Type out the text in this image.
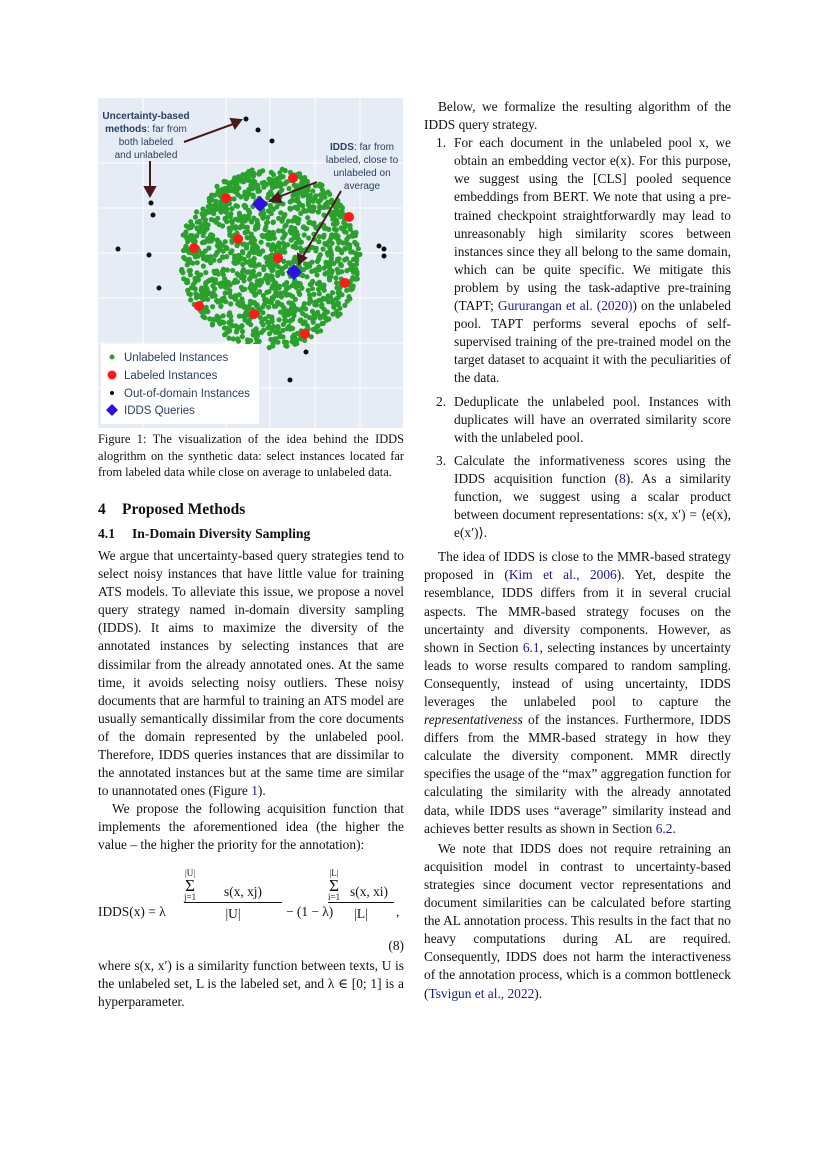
Uncertainty-based
methods: far from
both labeled
and unlabeled
IDDS: far from
labeled, close to
unlabeled on
average
Unlabeled Instances
Labeled Instances
Out-of-domain Instances
IDDS Queries

Figure 1: The visualization of the idea behind the IDDS alogrithm on the synthetic data: select instances located far from labeled data while close on average to unlabeled data.

4 Proposed Methods
4.1 In-Domain Diversity Sampling

We argue that uncertainty-based query strategies tend to select noisy instances that have little value for training ATS models. To alleviate this issue, we propose a novel query strategy named in-domain diversity sampling (IDDS). It aims to maximize the diversity of the annotated instances by selecting instances that are dissimilar from the already annotated ones. At the same time, it avoids selecting noisy outliers. These noisy documents that are harmful to training an ATS model are usually semantically dissimilar from the core documents of the domain represented by the unlabeled pool. Therefore, IDDS queries instances that are dissimilar to the annotated instances but at the same time are similar to unannotated ones (Figure 1).

We propose the following acquisition function that implements the aforementioned idea (the higher the value – the higher the priority for the annotation):

IDDS(x) = λ
|U|
Σ
j=1
$\frac{s(x, xj)}{|U|} - (1 - \lambda)$
|L|
Σ
i=1
$\frac{s(x, xi)}{|L|}$ ,
(8)

where s(x, x′) is a similarity function between texts, U is the unlabeled set, L is the labeled set, and λ ∈ [0; 1] is a hyperparameter.

Below, we formalize the resulting algorithm of the IDDS query strategy.

1. For each document in the unlabeled pool x, we obtain an embedding vector e(x). For this purpose, we suggest using the [CLS] pooled sequence embeddings from BERT. We note that using a pre-trained checkpoint straightforwardly may lead to unreasonably high similarity scores between instances since they all belong to the same domain, which can be quite specific. We mitigate this problem by using the task-adaptive pre-training (TAPT; Gururangan et al. (2020)) on the unlabeled pool. TAPT performs several epochs of self-supervised training of the pre-trained model on the target dataset to acquaint it with the peculiarities of the data.
2. Deduplicate the unlabeled pool. Instances with duplicates will have an overrated similarity score with the unlabeled pool.
3. Calculate the informativeness scores using the IDDS acquisition function (8). As a similarity function, we suggest using a scalar product between document representations: s(x, x′) = ⟨e(x), e(x′)⟩.

The idea of IDDS is close to the MMR-based strategy proposed in (Kim et al., 2006). Yet, despite the resemblance, IDDS differs from it in several crucial aspects. The MMR-based strategy focuses on the uncertainty and diversity components. However, as shown in Section 6.1, selecting instances by uncertainty leads to worse results compared to random sampling. Consequently, instead of using uncertainty, IDDS leverages the unlabeled pool to capture the representativeness of the instances. Furthermore, IDDS differs from the MMR-based strategy in how they calculate the diversity component. MMR directly specifies the usage of the “max” aggregation function for calculating the similarity with the already annotated data, while IDDS uses “average” similarity instead and achieves better results as shown in Section 6.2.

We note that IDDS does not require retraining an acquisition model in contrast to uncertainty-based strategies since document vector representations and document similarities can be calculated before starting the AL annotation process. This results in the fact that no heavy computations during AL are required. Consequently, IDDS does not harm the interactiveness of the annotation process, which is a common bottleneck (Tsvigun et al., 2022).
